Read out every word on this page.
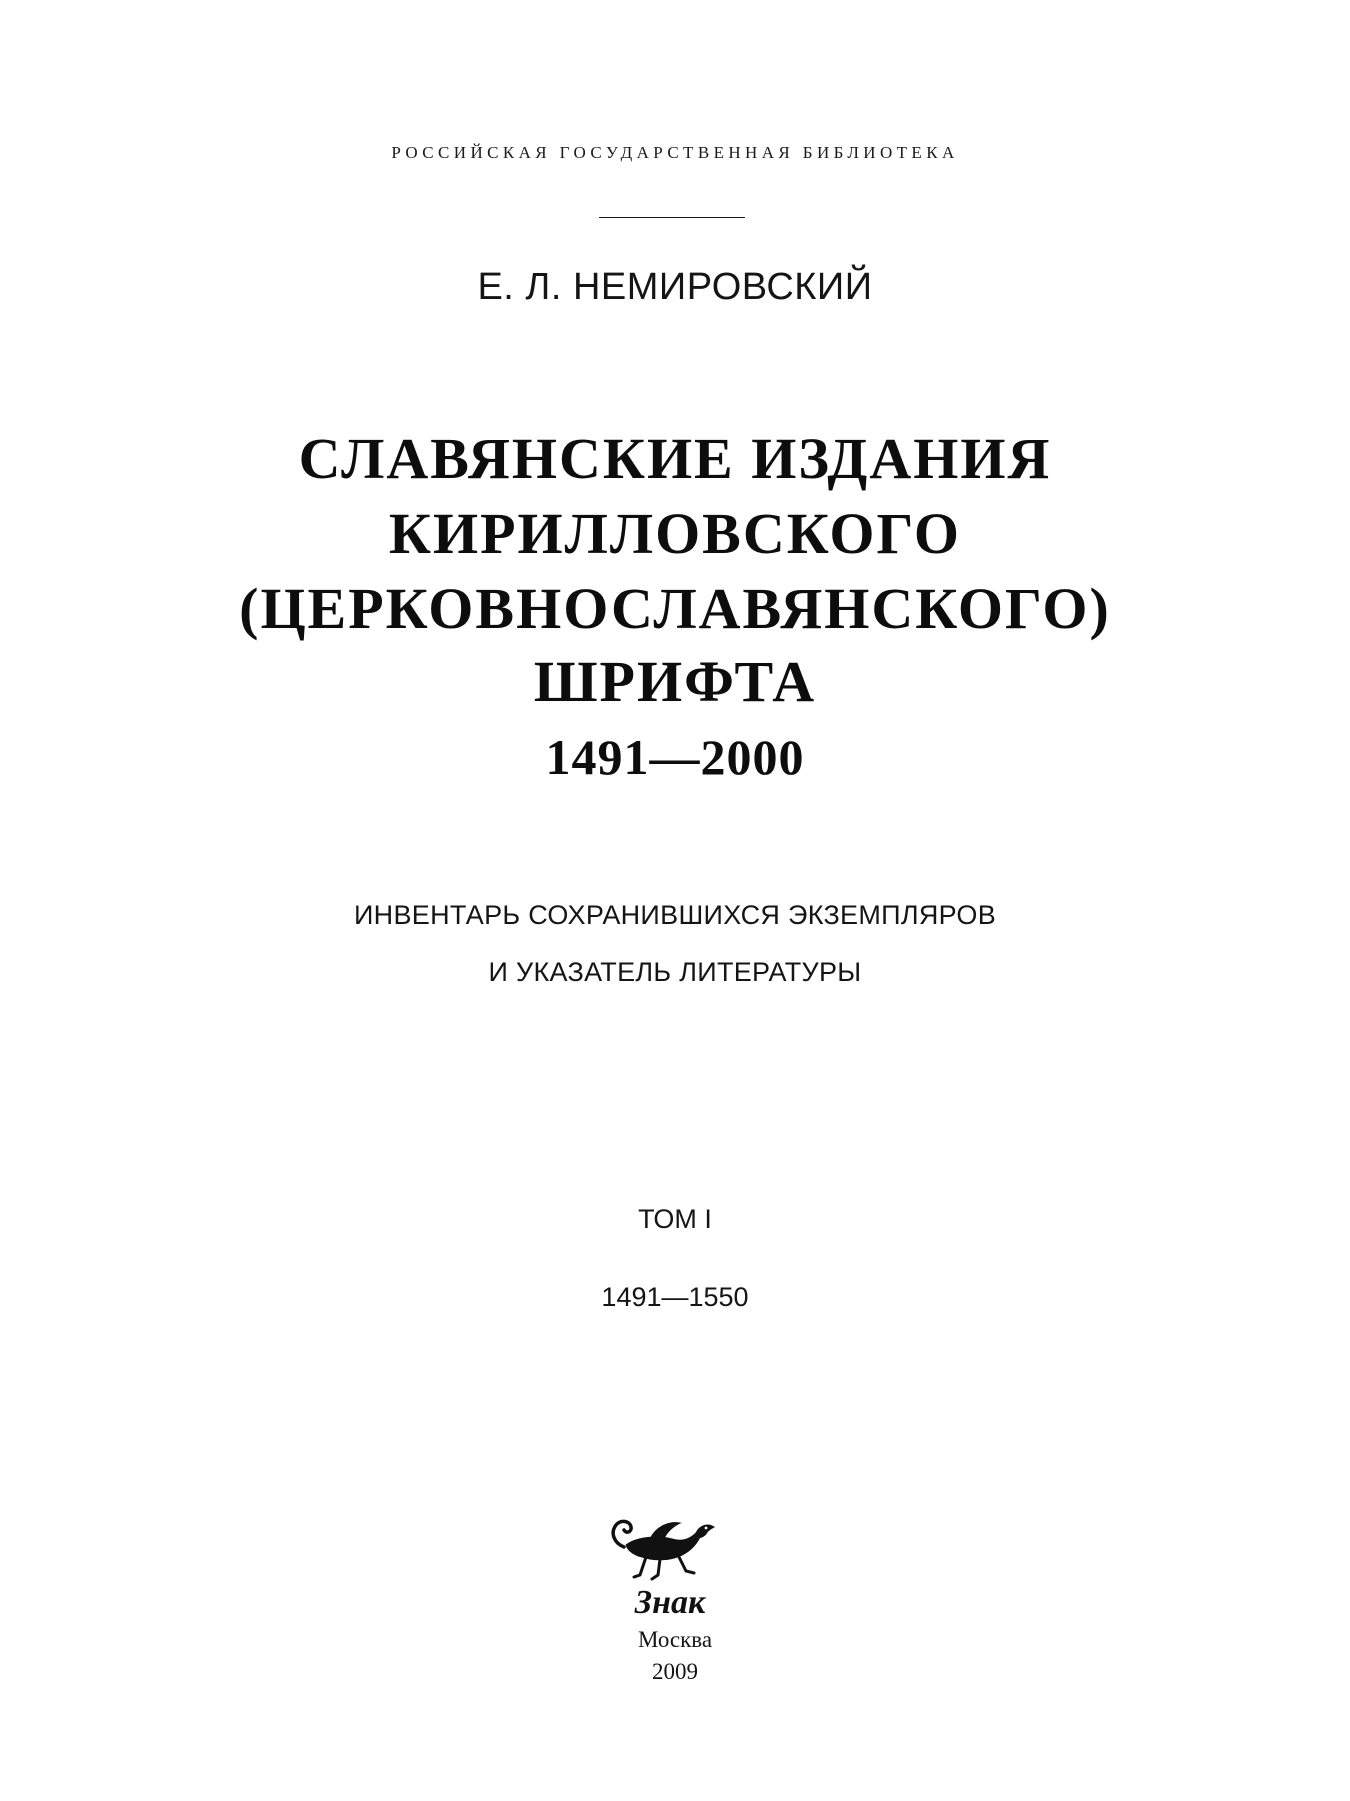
РОССИЙСКАЯ ГОСУДАРСТВЕННАЯ БИБЛИОТЕКА
Е. Л. НЕМИРОВСКИЙ
СЛАВЯНСКИЕ ИЗДАНИЯ
КИРИЛЛОВСКОГО
(ЦЕРКОВНОСЛАВЯНСКОГО)
ШРИФТА
1491—2000
ИНВЕНТАРЬ СОХРАНИВШИХСЯ ЭКЗЕМПЛЯРОВ
И УКАЗАТЕЛЬ ЛИТЕРАТУРЫ
ТОМ I
1491—1550
Знак
Москва
2009
